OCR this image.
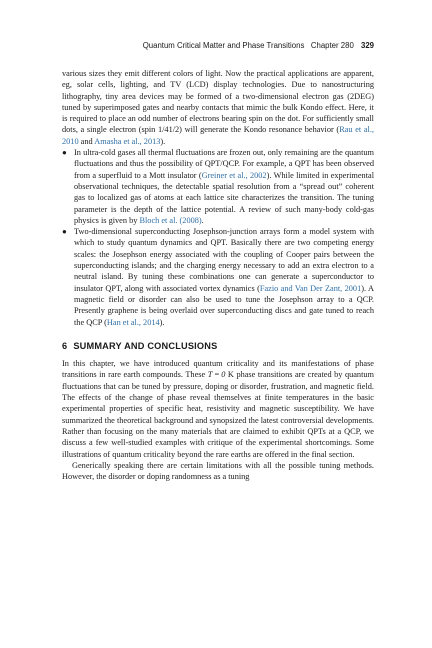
Quantum Critical Matter and Phase Transitions Chapter 280 329

various sizes they emit different colors of light. Now the practical applications are apparent, eg, solar cells, lighting, and TV (LCD) display technologies. Due to nanostructuring lithography, tiny area devices may be formed of a two-dimensional electron gas (2DEG) tuned by superimposed gates and nearby contacts that mimic the bulk Kondo effect. Here, it is required to place an odd number of electrons bearing spin on the dot. For sufficiently small dots, a single electron (spin 1/41/2) will generate the Kondo resonance behavior (Rau et al., 2010 and Amasha et al., 2013).

● In ultra-cold gases all thermal fluctuations are frozen out, only remaining are the quantum fluctuations and thus the possibility of QPT/QCP. For example, a QPT has been observed from a superfluid to a Mott insulator (Greiner et al., 2002). While limited in experimental observational techniques, the detectable spatial resolution from a “spread out” coherent gas to localized gas of atoms at each lattice site characterizes the transition. The tuning parameter is the depth of the lattice potential. A review of such many-body cold-gas physics is given by Bloch et al. (2008).
● Two-dimensional superconducting Josephson-junction arrays form a model system with which to study quantum dynamics and QPT. Basically there are two competing energy scales: the Josephson energy associated with the coupling of Cooper pairs between the superconducting islands; and the charging energy necessary to add an extra electron to a neutral island. By tuning these combinations one can generate a superconductor to insulator QPT, along with associated vortex dynamics (Fazio and Van Der Zant, 2001). A magnetic field or disorder can also be used to tune the Josephson array to a QCP. Presently graphene is being overlaid over superconducting discs and gate tuned to reach the QCP (Han et al., 2014).
6 SUMMARY AND CONCLUSIONS

In this chapter, we have introduced quantum criticality and its manifestations of phase transitions in rare earth compounds. These T = 0 K phase transitions are created by quantum fluctuations that can be tuned by pressure, doping or disorder, frustration, and magnetic field. The effects of the change of phase reveal themselves at finite temperatures in the basic experimental properties of specific heat, resistivity and magnetic susceptibility. We have summarized the theoretical background and synopsized the latest controversial developments. Rather than focusing on the many materials that are claimed to exhibit QPTs at a QCP, we discuss a few well-studied examples with critique of the experimental shortcomings. Some illustrations of quantum criticality beyond the rare earths are offered in the final section.

Generically speaking there are certain limitations with all the possible tuning methods. However, the disorder or doping randomness as a tuning
